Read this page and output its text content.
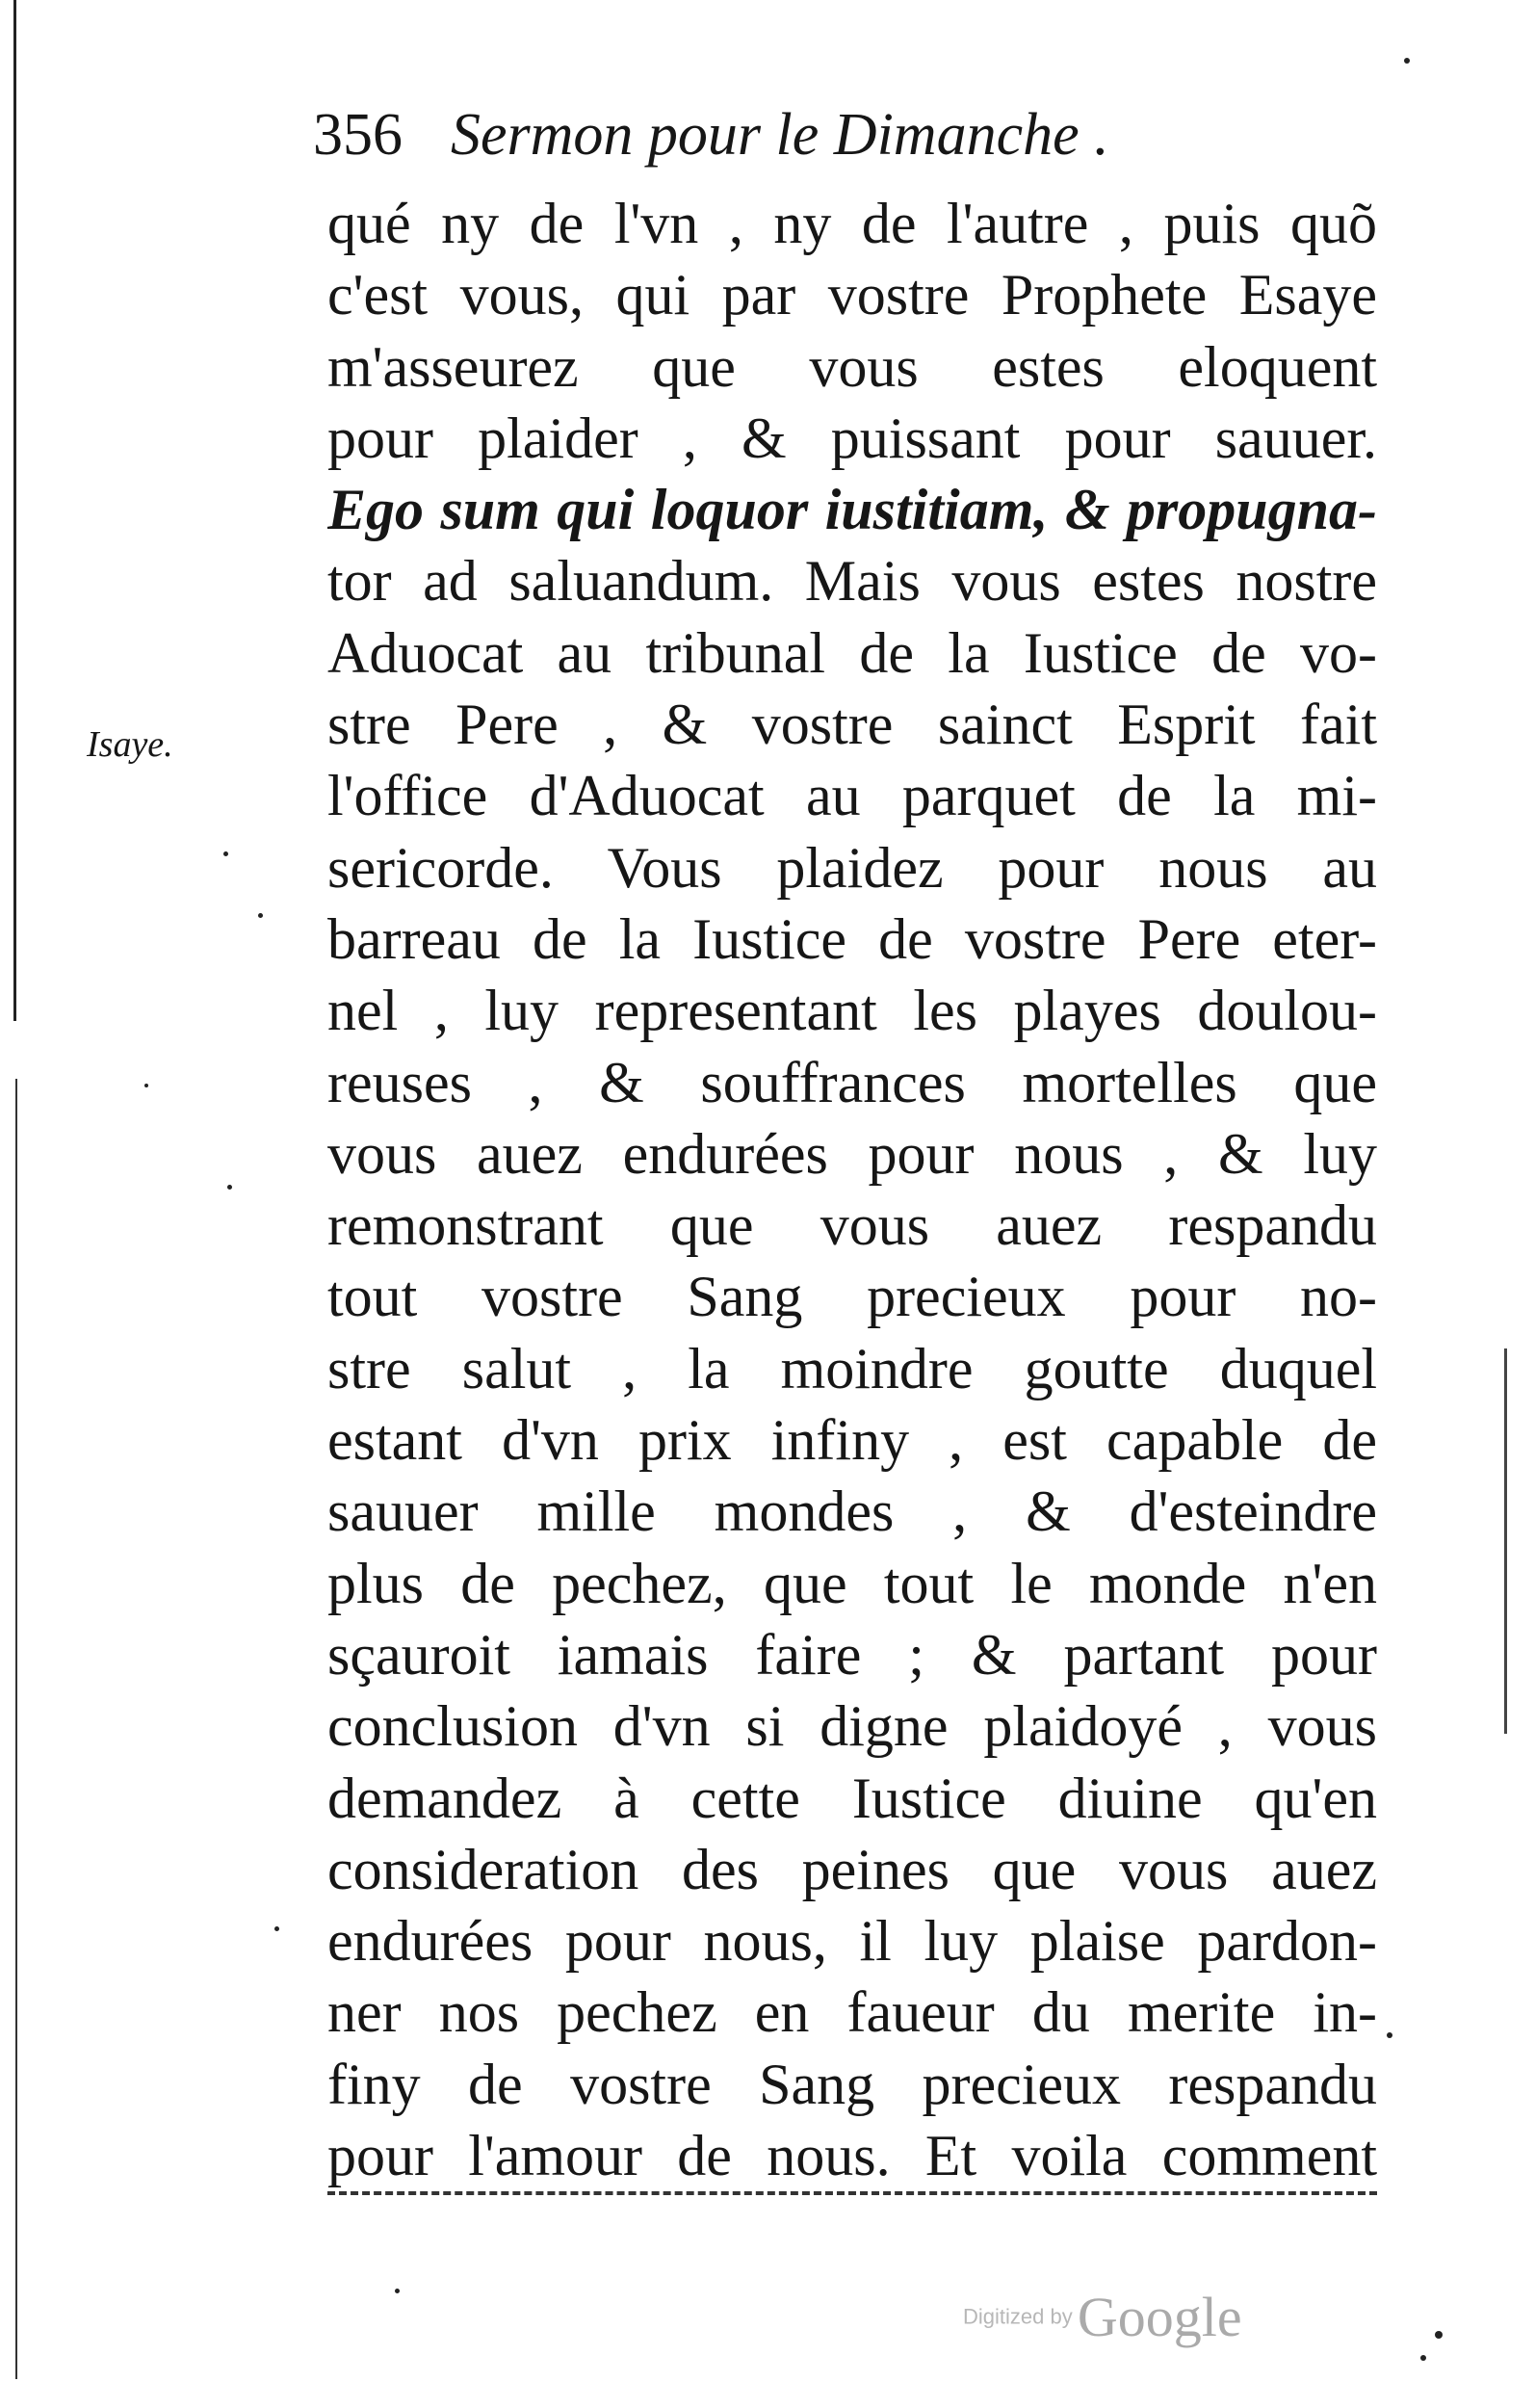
356 Sermon pour le Dimanche .
Isaye.
qué ny de l'vn , ny de l'autre , puis quõ
c'est vous, qui par vostre Prophete Esaye
m'asseurez que vous estes eloquent
pour plaider , & puissant pour sauuer.
Ego sum qui loquor iustitiam, & propugna-
tor ad saluandum. Mais vous estes nostre
Aduocat au tribunal de la Iustice de vo-
stre Pere , & vostre sainct Esprit fait
l'office d'Aduocat au parquet de la mi-
sericorde. Vous plaidez pour nous au
barreau de la Iustice de vostre Pere eter-
nel , luy representant les playes doulou-
reuses , & souffrances mortelles que
vous auez endurées pour nous , & luy
remonstrant que vous auez respandu
tout vostre Sang precieux pour no-
stre salut , la moindre goutte duquel
estant d'vn prix infiny , est capable de
sauuer mille mondes , & d'esteindre
plus de pechez, que tout le monde n'en
sçauroit iamais faire ; & partant pour
conclusion d'vn si digne plaidoyé , vous
demandez à cette Iustice diuine qu'en
consideration des peines que vous auez
endurées pour nous, il luy plaise pardon-
ner nos pechez en faueur du merite in-
finy de vostre Sang precieux respandu
pour l'amour de nous. Et voila comment
Digitized by Google
